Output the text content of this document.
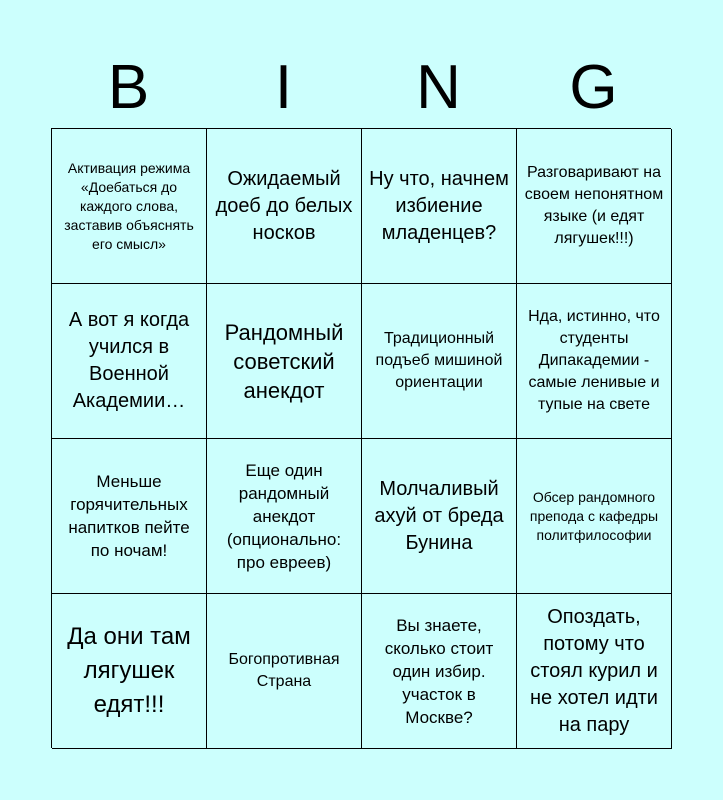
B	I	N	G
Активация режима «Доебаться до каждого слова, заставив объяснять его смысл»
Ожидаемый доеб до белых носков
Ну что, начнем избиение младенцев?
Разговаривают на своем непонятном языке (и едят лягушек!!!)
А вот я когда учился в Военной Академии…
Рандомный советский анекдот
Традиционный подъеб мишиной ориентации
Нда, истинно, что студенты Дипакадемии - самые ленивые и тупые на свете
Меньше горячительных напитков пейте по ночам!
Еще один рандомный анекдот (опционально: про евреев)
Молчаливый ахуй от бреда Бунина
Обсер рандомного препода с кафедры политфилософии
Да они там лягушек едят!!!
Богопротивная Страна
Вы знаете, сколько стоит один избир. участок в Москве?
Опоздать, потому что стоял курил и не хотел идти на пару
